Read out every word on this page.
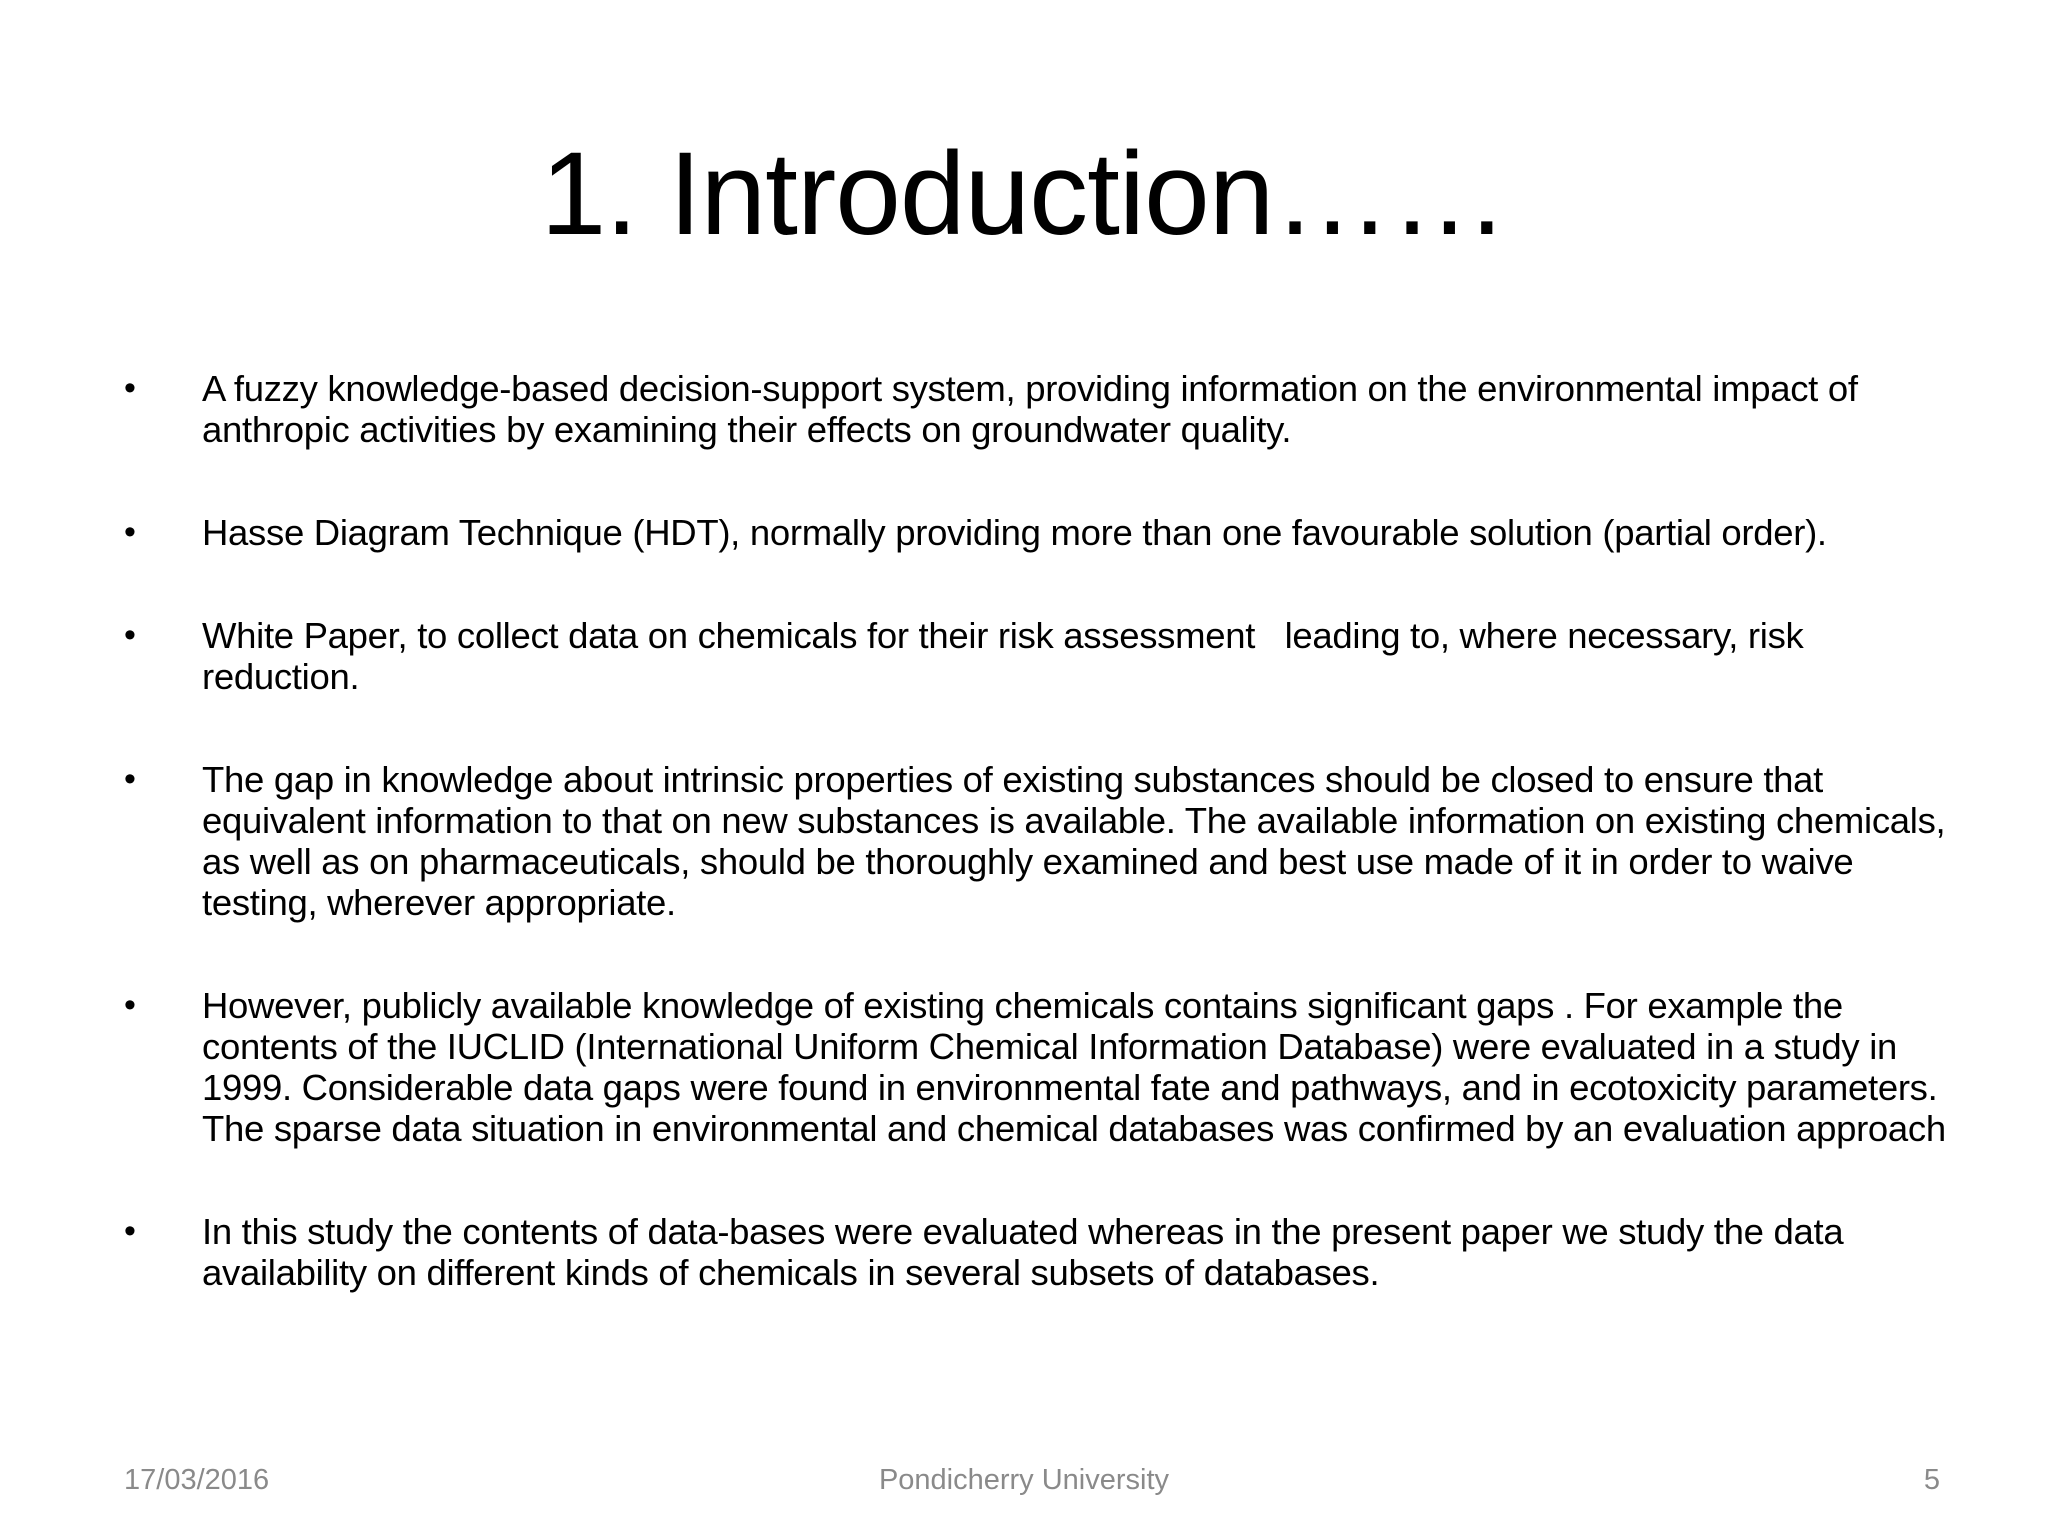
1. Introduction……
• A fuzzy knowledge-based decision-support system, providing information on the environmental impact of anthropic activities by examining their effects on groundwater quality.
• Hasse Diagram Technique (HDT), normally providing more than one favourable solution (partial order).
• White Paper, to collect data on chemicals for their risk assessment   leading to, where necessary, risk reduction.
• The gap in knowledge about intrinsic properties of existing substances should be closed to ensure that equivalent information to that on new substances is available. The available information on existing chemicals, as well as on pharmaceuticals, should be thoroughly examined and best use made of it in order to waive testing, wherever appropriate.
• However, publicly available knowledge of existing chemicals contains significant gaps . For example the contents of the IUCLID (International Uniform Chemical Information Database) were evaluated in a study in 1999. Considerable data gaps were found in environmental fate and pathways, and in ecotoxicity parameters. The sparse data situation in environmental and chemical databases was confirmed by an evaluation approach
• In this study the contents of data-bases were evaluated whereas in the present paper we study the data availability on different kinds of chemicals in several subsets of databases.
17/03/2016	Pondicherry University	5
